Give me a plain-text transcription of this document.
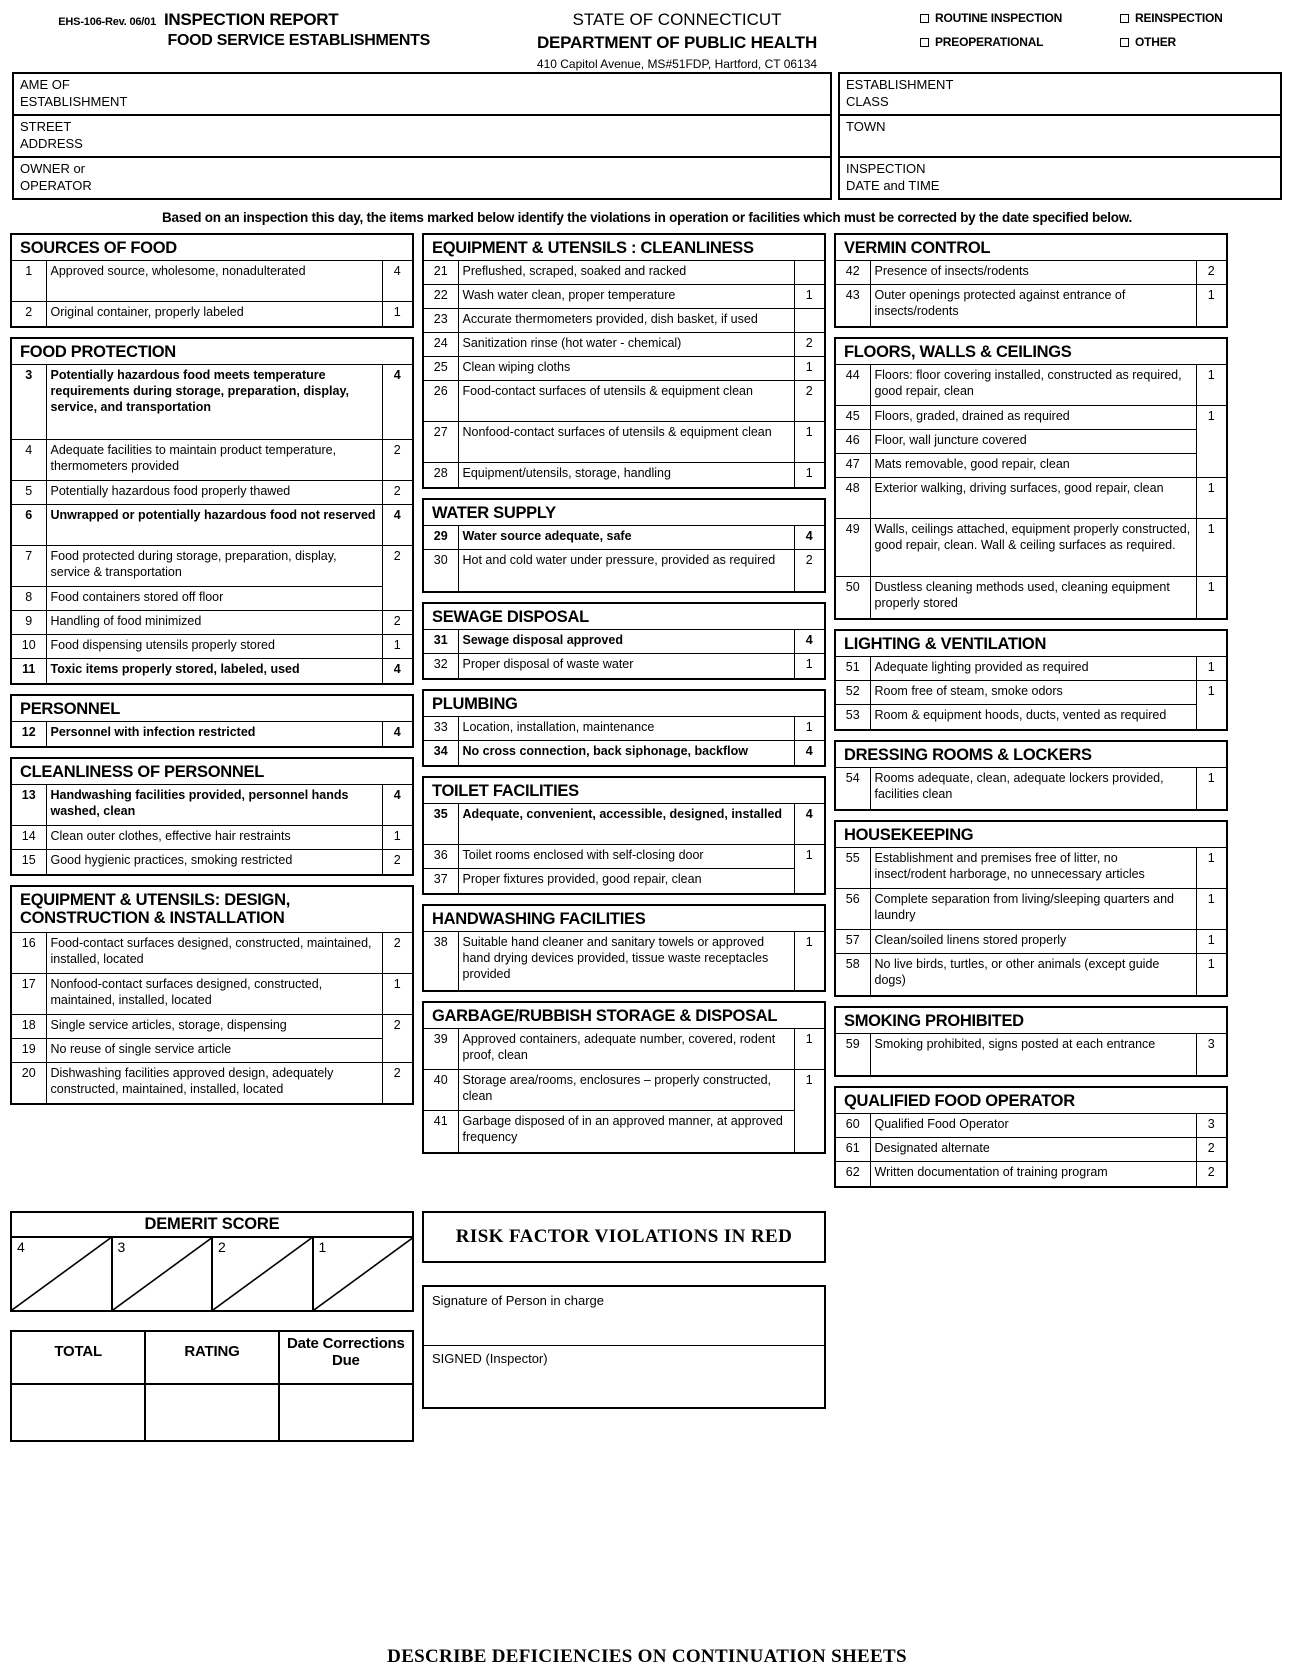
EHS-106-Rev. 06/01 INSPECTION REPORT
FOOD SERVICE ESTABLISHMENTS
STATE OF CONNECTICUT
DEPARTMENT OF PUBLIC HEALTH
410 Capitol Avenue, MS#51FDP, Hartford, CT 06134
ROUTINE INSPECTION	REINSPECTION
PREOPERATIONAL	OTHER
AME OF
ESTABLISHMENT
STREET
ADDRESS
OWNER or
OPERATOR
ESTABLISHMENT
CLASS
TOWN
INSPECTION
DATE and TIME
Based on an inspection this day, the items marked below identify the violations in operation or facilities which must be corrected by the date specified below.
SOURCES OF FOOD
1	Approved source, wholesome, nonadulterated	4
2	Original container, properly labeled	1
FOOD PROTECTION
3	Potentially hazardous food meets temperature requirements during storage, preparation, display, service, and transportation	4
4	Adequate facilities to maintain product temperature, thermometers provided	2
5	Potentially hazardous food properly thawed	2
6	Unwrapped or potentially hazardous food not reserved	4
7	Food protected during storage, preparation, display, service & transportation	2
8	Food containers stored off floor	
9	Handling of food minimized	2
10	Food dispensing utensils properly stored	1
11	Toxic items properly stored, labeled, used	4
PERSONNEL
12	Personnel with infection restricted	4
CLEANLINESS OF PERSONNEL
13	Handwashing facilities provided, personnel hands washed, clean	4
14	Clean outer clothes, effective hair restraints	1
15	Good hygienic practices, smoking restricted	2
EQUIPMENT & UTENSILS: DESIGN, CONSTRUCTION & INSTALLATION
16	Food-contact surfaces designed, constructed, maintained, installed, located	2
17	Nonfood-contact surfaces designed, constructed, maintained, installed, located	1
18	Single service articles, storage, dispensing	2
19	No reuse of single service article	
20	Dishwashing facilities approved design, adequately constructed, maintained, installed, located	2
EQUIPMENT & UTENSILS : CLEANLINESS
21	Preflushed, scraped, soaked and racked	
22	Wash water clean, proper temperature	1
23	Accurate thermometers provided, dish basket, if used	
24	Sanitization rinse (hot water - chemical)	2
25	Clean wiping cloths	1
26	Food-contact surfaces of utensils & equipment clean	2
27	Nonfood-contact surfaces of utensils & equipment clean	1
28	Equipment/utensils, storage, handling	1
WATER SUPPLY
29	Water source adequate, safe	4
30	Hot and cold water under pressure, provided as required	2
SEWAGE DISPOSAL
31	Sewage disposal approved	4
32	Proper disposal of waste water	1
PLUMBING
33	Location, installation, maintenance	1
34	No cross connection, back siphonage, backflow	4
TOILET FACILITIES
35	Adequate, convenient, accessible, designed, installed	4
36	Toilet rooms enclosed with self-closing door	1
37	Proper fixtures provided, good repair, clean	
HANDWASHING FACILITIES
38	Suitable hand cleaner and sanitary towels or approved hand drying devices provided, tissue waste receptacles provided	1
GARBAGE/RUBBISH STORAGE & DISPOSAL
39	Approved containers, adequate number, covered, rodent proof, clean	1
40	Storage area/rooms, enclosures – properly constructed, clean	1
41	Garbage disposed of in an approved manner, at approved frequency	
VERMIN CONTROL
42	Presence of insects/rodents	2
43	Outer openings protected against entrance of insects/rodents	1
FLOORS, WALLS & CEILINGS
44	Floors: floor covering installed, constructed as required, good repair, clean	1
45	Floors, graded, drained as required	1
46	Floor, wall juncture covered	
47	Mats removable, good repair, clean	
48	Exterior walking, driving surfaces, good repair, clean	1
49	Walls, ceilings attached, equipment properly constructed, good repair, clean. Wall & ceiling surfaces as required.	1
50	Dustless cleaning methods used, cleaning equipment properly stored	1
LIGHTING & VENTILATION
51	Adequate lighting provided as required	1
52	Room free of steam, smoke odors	1
53	Room & equipment hoods, ducts, vented as required	
DRESSING ROOMS & LOCKERS
54	Rooms adequate, clean, adequate lockers provided, facilities clean	1
HOUSEKEEPING
55	Establishment and premises free of litter, no insect/rodent harborage, no unnecessary articles	1
56	Complete separation from living/sleeping quarters and laundry	1
57	Clean/soiled linens stored properly	1
58	No live birds, turtles, or other animals (except guide dogs)	1
SMOKING PROHIBITED
59	Smoking prohibited, signs posted at each entrance	3
QUALIFIED FOOD OPERATOR
60	Qualified Food Operator	3
61	Designated alternate	2
62	Written documentation of training program	2
DEMERIT SCORE
4	3	2	1
TOTAL	RATING	Date Corrections Due

RISK FACTOR VIOLATIONS IN RED
Signature of Person in charge
SIGNED (Inspector)
DESCRIBE DEFICIENCIES ON CONTINUATION SHEETS
